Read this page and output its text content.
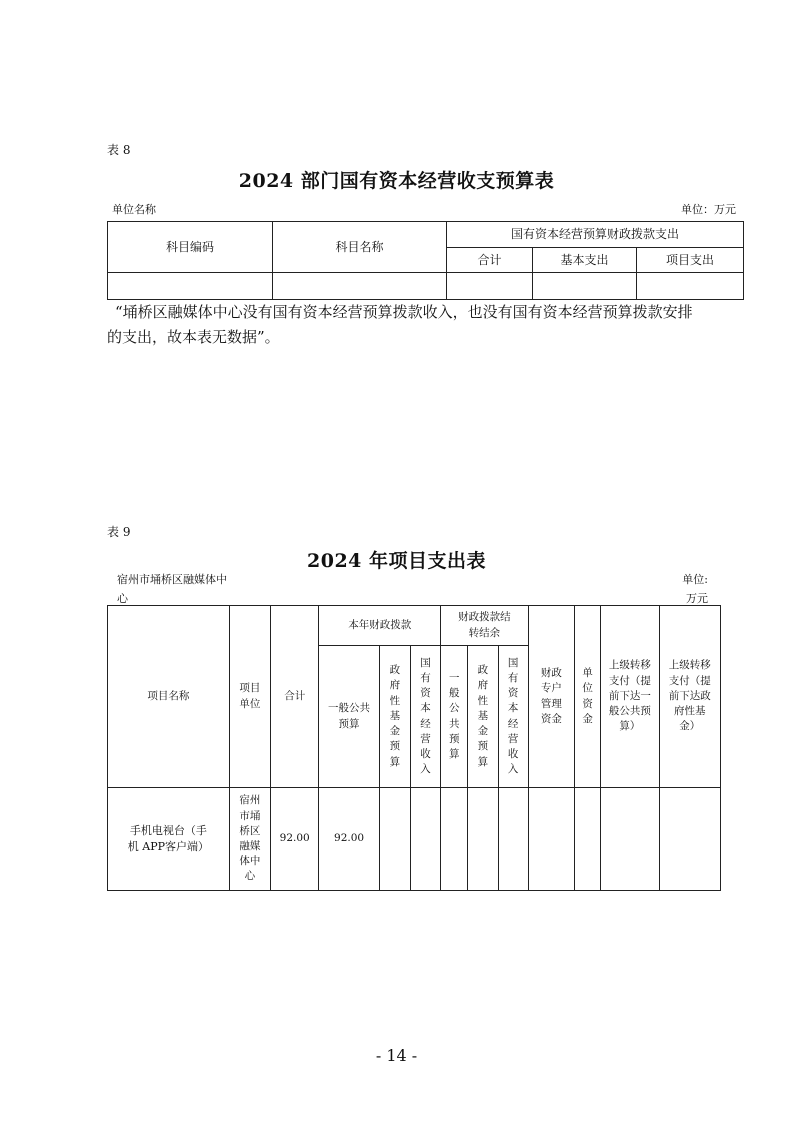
表 8
2024 部门国有资本经营收支预算表
单位名称	单位：万元
科目编码	科目名称	国有资本经营预算财政拨款支出		
		合计	基本支出	项目支出

“埇桥区融媒体中心没有国有资本经营预算拨款收入，也没有国有资本经营预算拨款安排的支出，故本表无数据”。
表 9
2024 年项目支出表
宿州市埇桥区融媒体中心
单位:万元
项目名称	项目单位	合计	本年财政拨款			财政拨款结转结余			财政专户管理资金	单位资金	上级转移支付（提前下达一般公共预算）	上级转移支付（提前下达政府性基金）
			一般公共预算	政府性基金预算	国有资本经营收入	一般公共预算	政府性基金预算	国有资本经营收入				
手机电视台（手机 APP客户端）	宿州市埇桥区融媒体中心	92.00	92.00									
- 14 -
